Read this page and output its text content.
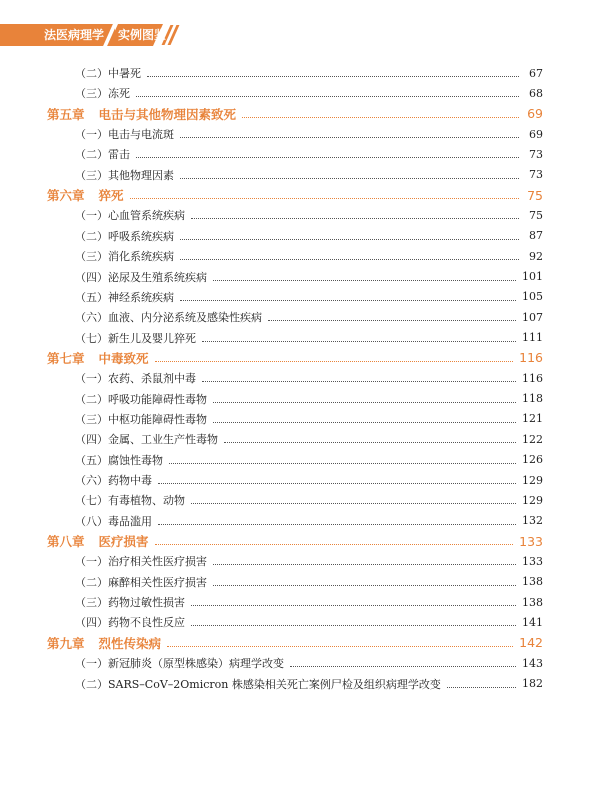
法医病理学 实例图鉴
（二）中暑死	67
（三）冻死	68
第五章 电击与其他物理因素致死	69
（一）电击与电流斑	69
（二）雷击	73
（三）其他物理因素	73
第六章 猝死	75
（一）心血管系统疾病	75
（二）呼吸系统疾病	87
（三）消化系统疾病	92
（四）泌尿及生殖系统疾病	101
（五）神经系统疾病	105
（六）血液、内分泌系统及感染性疾病	107
（七）新生儿及婴儿猝死	111
第七章 中毒致死	116
（一）农药、杀鼠剂中毒	116
（二）呼吸功能障碍性毒物	118
（三）中枢功能障碍性毒物	121
（四）金属、工业生产性毒物	122
（五）腐蚀性毒物	126
（六）药物中毒	129
（七）有毒植物、动物	129
（八）毒品滥用	132
第八章 医疗损害	133
（一）治疗相关性医疗损害	133
（二）麻醉相关性医疗损害	138
（三）药物过敏性损害	138
（四）药物不良性反应	141
第九章 烈性传染病	142
（一）新冠肺炎（原型株感染）病理学改变	143
（二）SARS–CoV–2Omicron 株感染相关死亡案例尸检及组织病理学改变	182
